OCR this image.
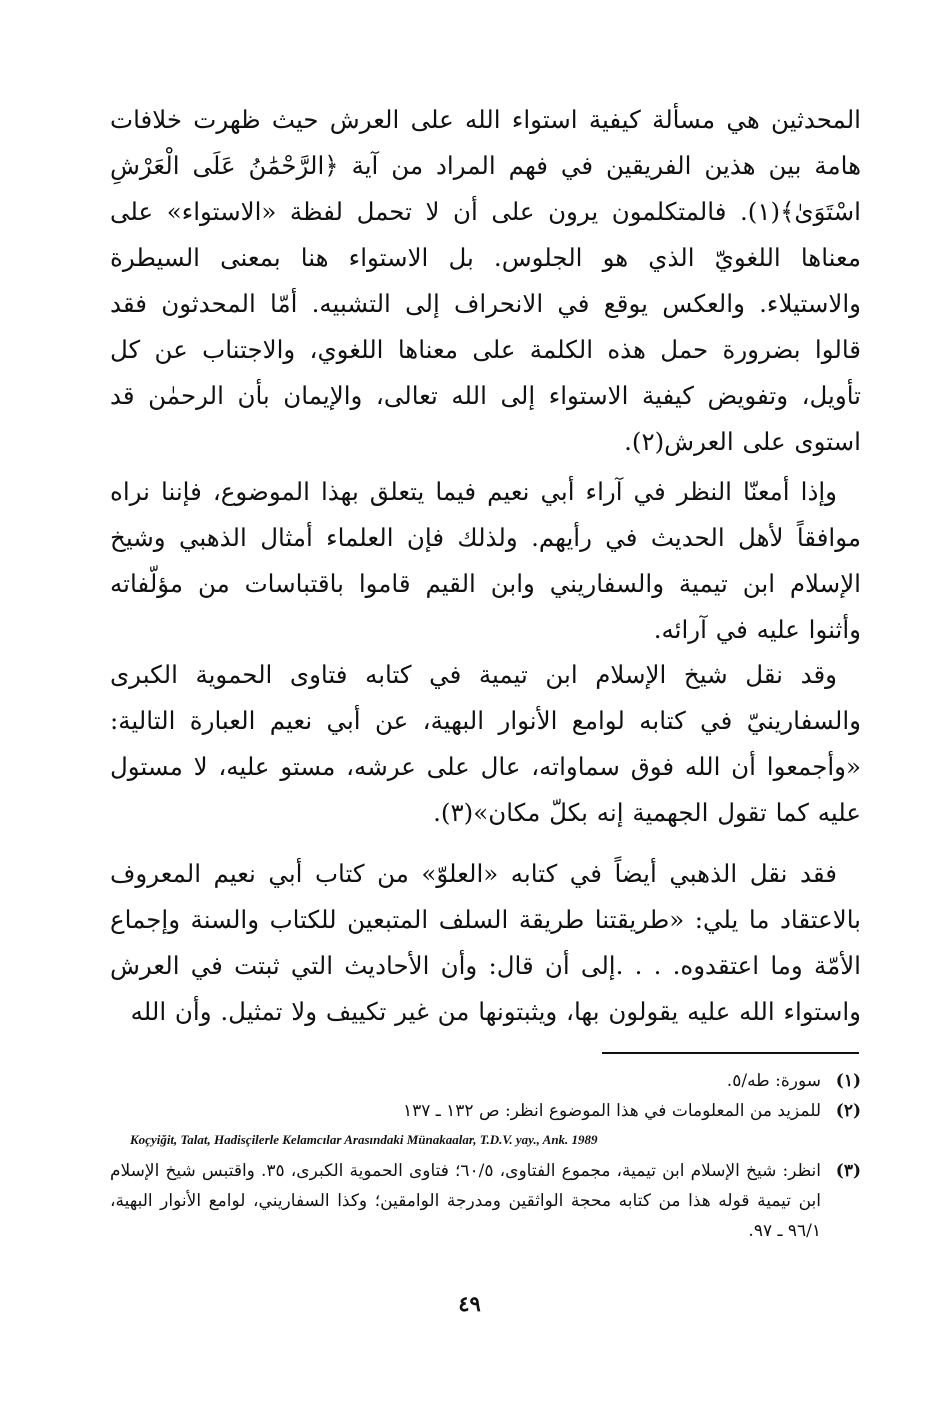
المحدثين هي مسألة كيفية استواء الله على العرش حيث ظهرت خلافات هامة بين هذين الفريقين في فهم المراد من آية ﴿الرَّحْمَٰنُ عَلَى الْعَرْشِ اسْتَوَىٰ﴾(١). فالمتكلمون يرون على أن لا تحمل لفظة «الاستواء» على معناها اللغويّ الذي هو الجلوس. بل الاستواء هنا بمعنى السيطرة والاستيلاء. والعكس يوقع في الانحراف إلى التشبيه. أمّا المحدثون فقد قالوا بضرورة حمل هذه الكلمة على معناها اللغوي، والاجتناب عن كل تأويل، وتفويض كيفية الاستواء إلى الله تعالى، والإيمان بأن الرحمٰن قد استوى على العرش(٢).

وإذا أمعنّا النظر في آراء أبي نعيم فيما يتعلق بهذا الموضوع، فإننا نراه موافقاً لأهل الحديث في رأيهم. ولذلك فإن العلماء أمثال الذهبي وشيخ الإسلام ابن تيمية والسفاريني وابن القيم قاموا باقتباسات من مؤلّفاته وأثنوا عليه في آرائه.

وقد نقل شيخ الإسلام ابن تيمية في كتابه فتاوى الحموية الكبرى والسفارينيّ في كتابه لوامع الأنوار البهية، عن أبي نعيم العبارة التالية: «وأجمعوا أن الله فوق سماواته، عال على عرشه، مستو عليه، لا مستول عليه كما تقول الجهمية إنه بكلّ مكان»(٣).

فقد نقل الذهبي أيضاً في كتابه «العلوّ» من كتاب أبي نعيم المعروف بالاعتقاد ما يلي: «طريقتنا طريقة السلف المتبعين للكتاب والسنة وإجماع الأمّة وما اعتقدوه. . . .إلى أن قال: وأن الأحاديث التي ثبتت في العرش واستواء الله عليه يقولون بها، ويثبتونها من غير تكييف ولا تمثيل. وأن الله

(١)
سورة: طه/٥.
(٢)
للمزيد من المعلومات في هذا الموضوع انظر: ص ١٣٢ ـ ١٣٧
Koçyiğit, Talat, Hadisçilerle Kelamcılar Arasındaki Münakaalar, T.D.V. yay., Ank. 1989
(٣)
انظر: شيخ الإسلام ابن تيمية، مجموع الفتاوى، ٦٠/٥؛ فتاوى الحموية الكبرى، ٣٥. واقتبس شيخ الإسلام ابن تيمية قوله هذا من كتابه محجة الواثقين ومدرجة الوامقين؛ وكذا السفاريني، لوامع الأنوار البهية، ٩٦/١ ـ ٩٧.
٤٩
